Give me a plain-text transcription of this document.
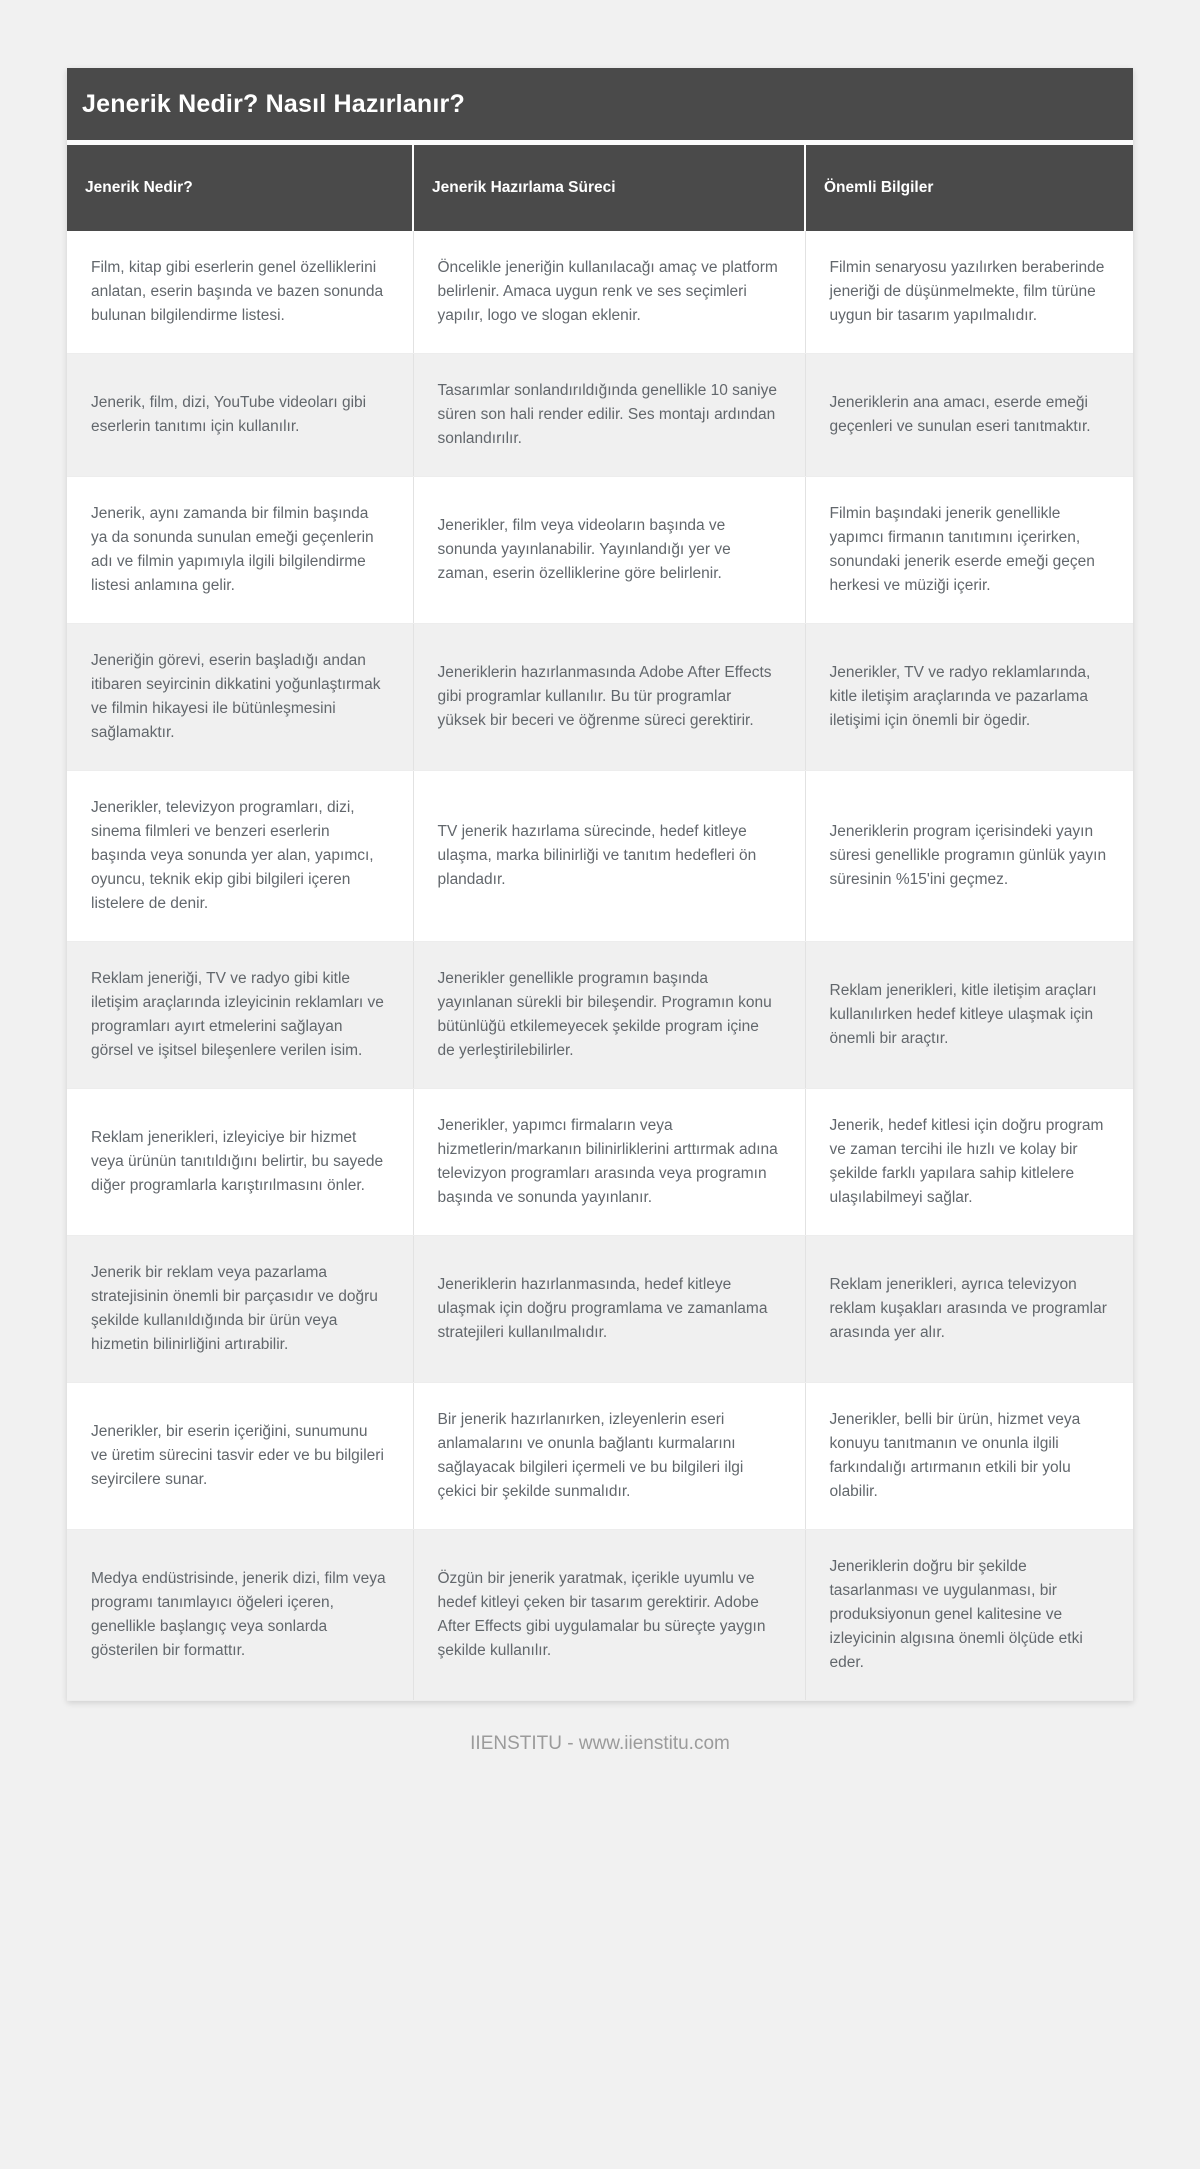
Jenerik Nedir? Nasıl Hazırlanır?
Jenerik Nedir?	Jenerik Hazırlama Süreci	Önemli Bilgiler
Film, kitap gibi eserlerin genel özelliklerini anlatan, eserin başında ve bazen sonunda bulunan bilgilendirme listesi.	Öncelikle jeneriğin kullanılacağı amaç ve platform belirlenir. Amaca uygun renk ve ses seçimleri yapılır, logo ve slogan eklenir.	Filmin senaryosu yazılırken beraberinde jeneriği de düşünmelmekte, film türüne uygun bir tasarım yapılmalıdır.
Jenerik, film, dizi, YouTube videoları gibi eserlerin tanıtımı için kullanılır.	Tasarımlar sonlandırıldığında genellikle 10 saniye süren son hali render edilir. Ses montajı ardından sonlandırılır.	Jeneriklerin ana amacı, eserde emeği geçenleri ve sunulan eseri tanıtmaktır.
Jenerik, aynı zamanda bir filmin başında ya da sonunda sunulan emeği geçenlerin adı ve filmin yapımıyla ilgili bilgilendirme listesi anlamına gelir.	Jenerikler, film veya videoların başında ve sonunda yayınlanabilir. Yayınlandığı yer ve zaman, eserin özelliklerine göre belirlenir.	Filmin başındaki jenerik genellikle yapımcı firmanın tanıtımını içerirken, sonundaki jenerik eserde emeği geçen herkesi ve müziği içerir.
Jeneriğin görevi, eserin başladığı andan itibaren seyircinin dikkatini yoğunlaştırmak ve filmin hikayesi ile bütünleşmesini sağlamaktır.	Jeneriklerin hazırlanmasında Adobe After Effects gibi programlar kullanılır. Bu tür programlar yüksek bir beceri ve öğrenme süreci gerektirir.	Jenerikler, TV ve radyo reklamlarında, kitle iletişim araçlarında ve pazarlama iletişimi için önemli bir ögedir.
Jenerikler, televizyon programları, dizi, sinema filmleri ve benzeri eserlerin başında veya sonunda yer alan, yapımcı, oyuncu, teknik ekip gibi bilgileri içeren listelere de denir.	TV jenerik hazırlama sürecinde, hedef kitleye ulaşma, marka bilinirliği ve tanıtım hedefleri ön plandadır.	Jeneriklerin program içerisindeki yayın süresi genellikle programın günlük yayın süresinin %15'ini geçmez.
Reklam jeneriği, TV ve radyo gibi kitle iletişim araçlarında izleyicinin reklamları ve programları ayırt etmelerini sağlayan görsel ve işitsel bileşenlere verilen isim.	Jenerikler genellikle programın başında yayınlanan sürekli bir bileşendir. Programın konu bütünlüğü etkilemeyecek şekilde program içine de yerleştirilebilirler.	Reklam jenerikleri, kitle iletişim araçları kullanılırken hedef kitleye ulaşmak için önemli bir araçtır.
Reklam jenerikleri, izleyiciye bir hizmet veya ürünün tanıtıldığını belirtir, bu sayede diğer programlarla karıştırılmasını önler.	Jenerikler, yapımcı firmaların veya hizmetlerin/markanın bilinirliklerini arttırmak adına televizyon programları arasında veya programın başında ve sonunda yayınlanır.	Jenerik, hedef kitlesi için doğru program ve zaman tercihi ile hızlı ve kolay bir şekilde farklı yapılara sahip kitlelere ulaşılabilmeyi sağlar.
Jenerik bir reklam veya pazarlama stratejisinin önemli bir parçasıdır ve doğru şekilde kullanıldığında bir ürün veya hizmetin bilinirliğini artırabilir.	Jeneriklerin hazırlanmasında, hedef kitleye ulaşmak için doğru programlama ve zamanlama stratejileri kullanılmalıdır.	Reklam jenerikleri, ayrıca televizyon reklam kuşakları arasında ve programlar arasında yer alır.
Jenerikler, bir eserin içeriğini, sunumunu ve üretim sürecini tasvir eder ve bu bilgileri seyircilere sunar.	Bir jenerik hazırlanırken, izleyenlerin eseri anlamalarını ve onunla bağlantı kurmalarını sağlayacak bilgileri içermeli ve bu bilgileri ilgi çekici bir şekilde sunmalıdır.	Jenerikler, belli bir ürün, hizmet veya konuyu tanıtmanın ve onunla ilgili farkındalığı artırmanın etkili bir yolu olabilir.
Medya endüstrisinde, jenerik dizi, film veya programı tanımlayıcı öğeleri içeren, genellikle başlangıç veya sonlarda gösterilen bir formattır.	Özgün bir jenerik yaratmak, içerikle uyumlu ve hedef kitleyi çeken bir tasarım gerektirir. Adobe After Effects gibi uygulamalar bu süreçte yaygın şekilde kullanılır.	Jeneriklerin doğru bir şekilde tasarlanması ve uygulanması, bir produksiyonun genel kalitesine ve izleyicinin algısına önemli ölçüde etki eder.
IIENSTITU - www.iienstitu.com
